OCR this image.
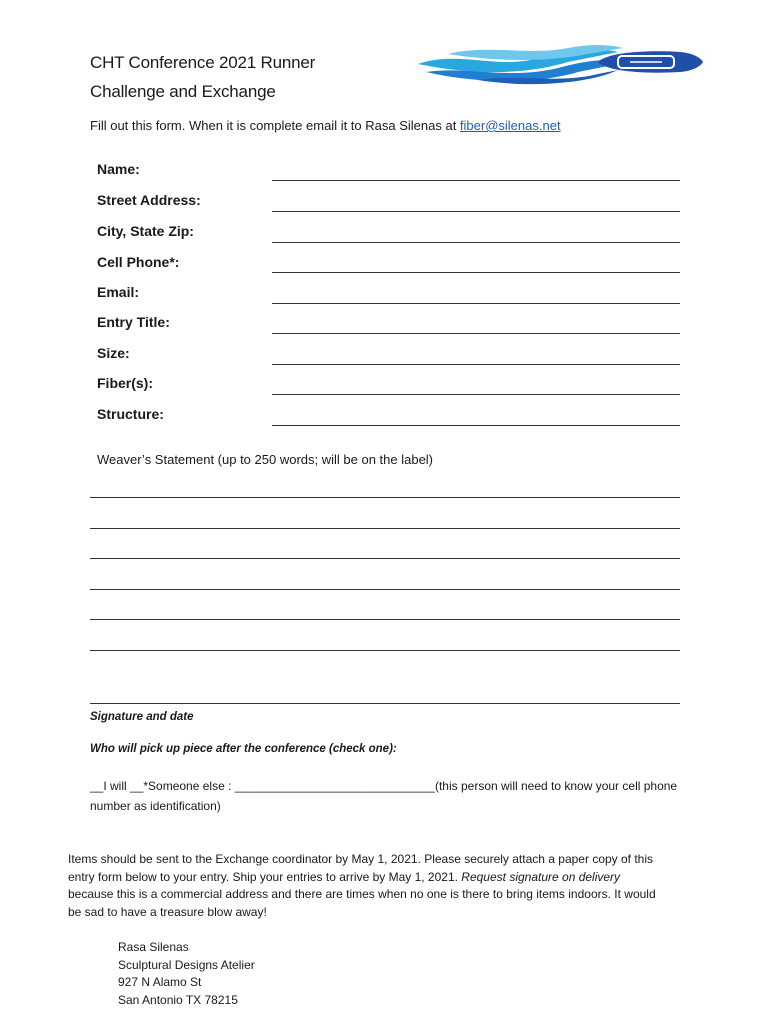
CHT Conference 2021 Runner
Challenge and Exchange
Fill out this form. When it is complete email it to Rasa Silenas at fiber@silenas.net
Name:
Street Address:
City, State Zip:
Cell Phone*:
Email:
Entry Title:
Size:
Fiber(s):
Structure:
Weaver’s Statement (up to 250 words; will be on the label)
Signature and date
Who will pick up piece after the conference (check one):
__I will __*Someone else : ______________________________(this person will need to know your cell phone number as identification)
Items should be sent to the Exchange coordinator by May 1, 2021. Please securely attach a paper copy of this entry form below to your entry. Ship your entries to arrive by May 1, 2021. Request signature on delivery because this is a commercial address and there are times when no one is there to bring items indoors. It would be sad to have a treasure blow away!
Rasa Silenas
Sculptural Designs Atelier
927 N Alamo St
San Antonio TX 78215
